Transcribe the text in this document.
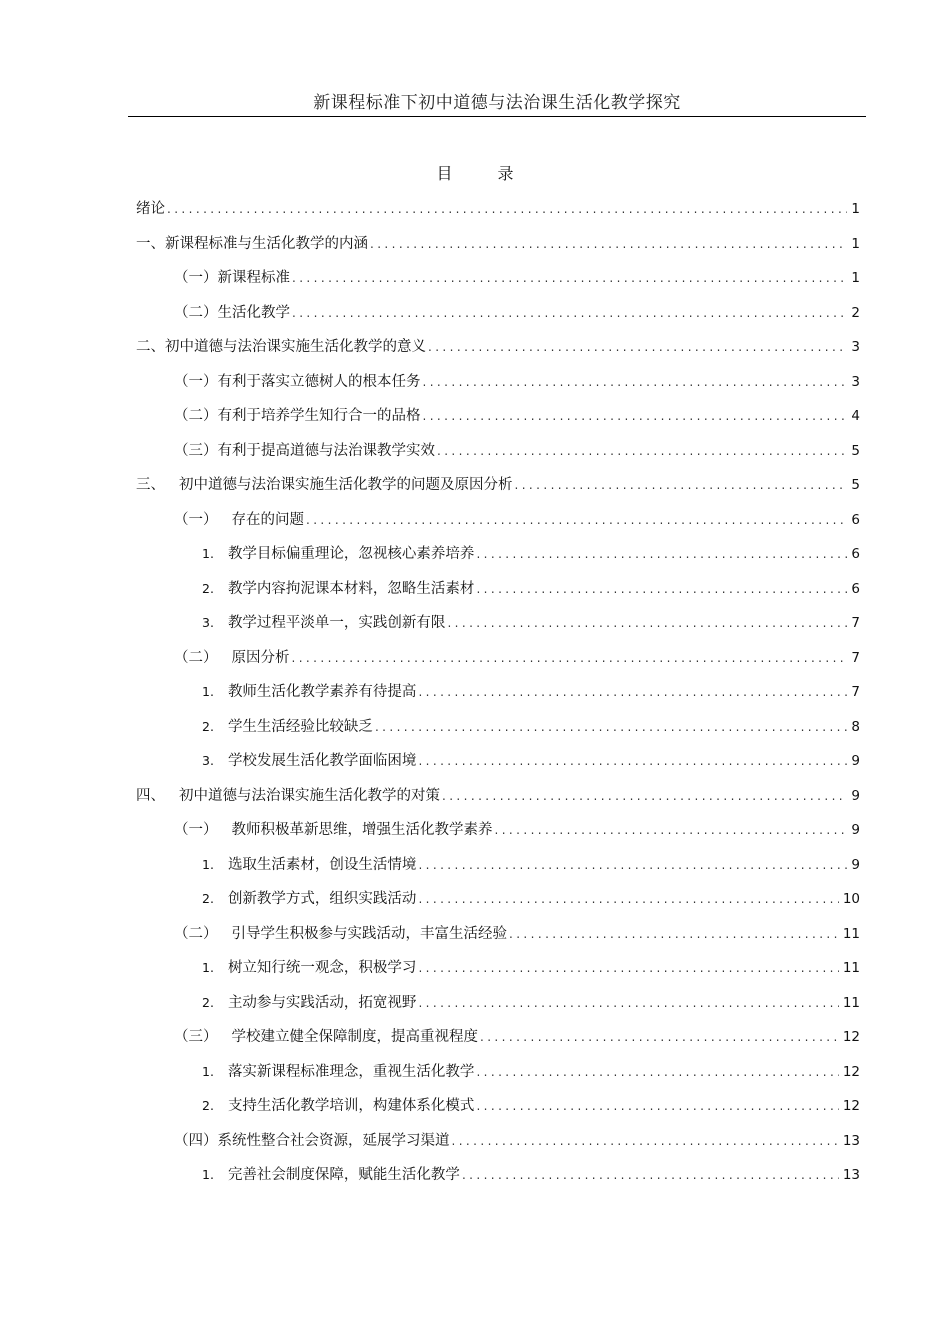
新课程标准下初中道德与法治课生活化教学探究
目 录
绪论 .....	1
一、新课程标准与生活化教学的内涵 .....	1
（一）新课程标准 .....	1
（二）生活化教学 .....	2
二、初中道德与法治课实施生活化教学的意义 .....	3
（一）有利于落实立德树人的根本任务 .....	3
（二）有利于培养学生知行合一的品格 .....	4
（三）有利于提高道德与法治课教学实效 .....	5
三、 初中道德与法治课实施生活化教学的问题及原因分析 .....	5
（一） 存在的问题 .....	6
1. 教学目标偏重理论，忽视核心素养培养 .....	6
2. 教学内容拘泥课本材料，忽略生活素材 .....	6
3. 教学过程平淡单一，实践创新有限 .....	7
（二） 原因分析 .....	7
1. 教师生活化教学素养有待提高 .....	7
2. 学生生活经验比较缺乏 .....	8
3. 学校发展生活化教学面临困境 .....	9
四、 初中道德与法治课实施生活化教学的对策 .....	9
（一） 教师积极革新思维，增强生活化教学素养 .....	9
1. 选取生活素材，创设生活情境 .....	9
2. 创新教学方式，组织实践活动 .....	10
（二） 引导学生积极参与实践活动，丰富生活经验 .....	11
1. 树立知行统一观念，积极学习 .....	11
2. 主动参与实践活动，拓宽视野 .....	11
（三） 学校建立健全保障制度，提高重视程度 .....	12
1. 落实新课程标准理念，重视生活化教学 .....	12
2. 支持生活化教学培训，构建体系化模式 .....	12
（四）系统性整合社会资源，延展学习渠道 .....	13
1. 完善社会制度保障，赋能生活化教学 .....	13
